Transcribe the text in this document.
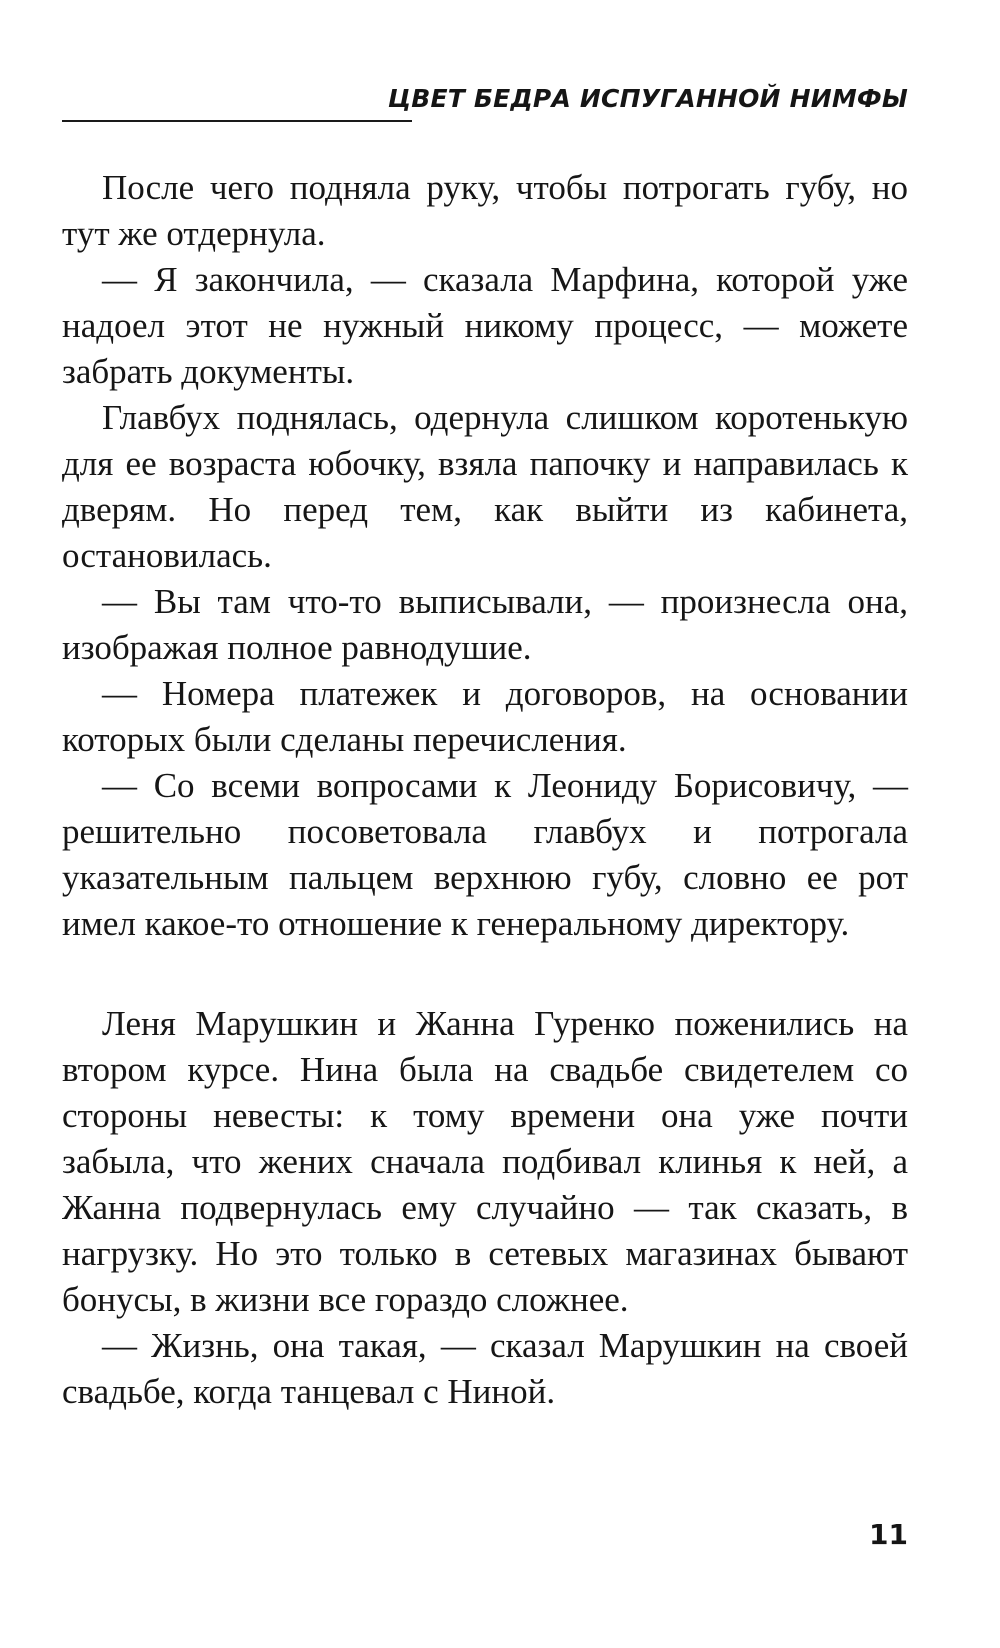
ЦВЕТ БЕДРА ИСПУГАННОЙ НИМФЫ

После чего подняла руку, чтобы потрогать губу, но тут же отдернула.

— Я закончила, — сказала Марфина, которой уже надоел этот не нужный никому процесс, — можете забрать документы.

Главбух поднялась, одернула слишком коротенькую для ее возраста юбочку, взяла папочку и направилась к дверям. Но перед тем, как выйти из кабинета, остановилась.

— Вы там что-то выписывали, — произнесла она, изображая полное равнодушие.

— Номера платежек и договоров, на основании которых были сделаны перечисления.

— Со всеми вопросами к Леониду Борисовичу, — решительно посоветовала главбух и потрогала указательным пальцем верхнюю губу, словно ее рот имел какое-то отношение к генеральному директору.

Леня Марушкин и Жанна Гуренко поженились на втором курсе. Нина была на свадьбе свидетелем со стороны невесты: к тому времени она уже почти забыла, что жених сначала подбивал клинья к ней, а Жанна подвернулась ему случайно — так сказать, в нагрузку. Но это только в сетевых магазинах бывают бонусы, в жизни все гораздо сложнее.

— Жизнь, она такая, — сказал Марушкин на своей свадьбе, когда танцевал с Ниной.

11
